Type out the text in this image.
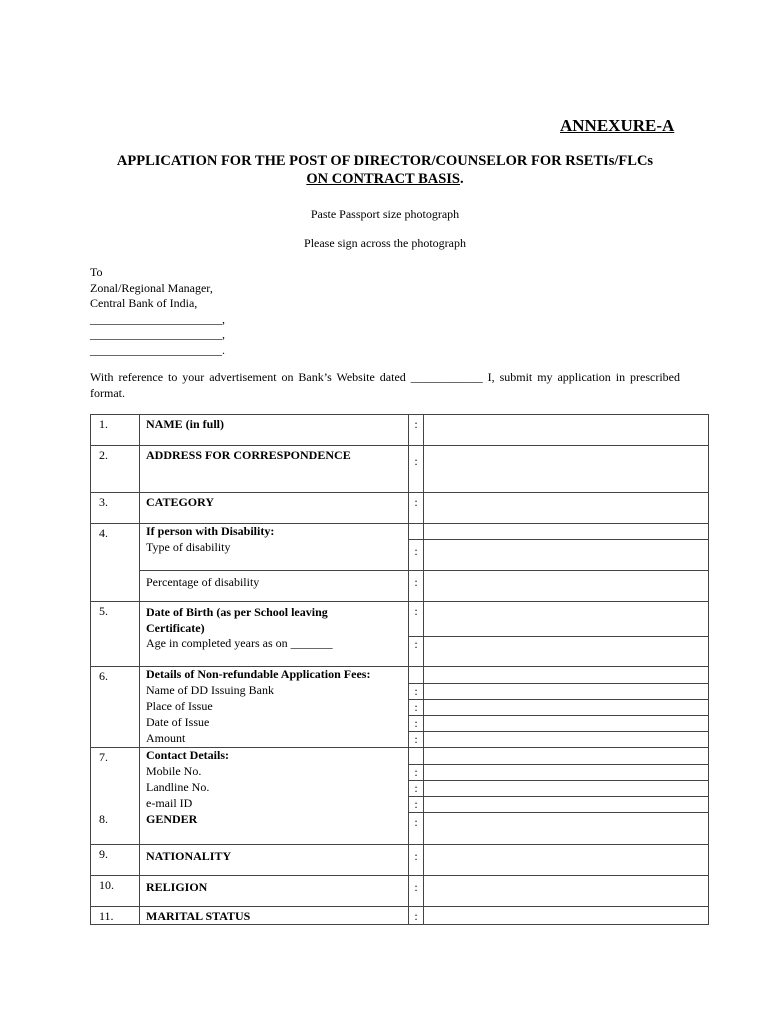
ANNEXURE-A
APPLICATION FOR THE POST OF DIRECTOR/COUNSELOR FOR RSETIs/FLCs
ON CONTRACT BASIS.
Paste Passport size photograph
Please sign across the photograph
To
Zonal/Regional Manager,
Central Bank of India,
______________________,
______________________,
______________________.
With reference to your advertisement on Bank’s Website dated ____________ I, submit my application in prescribed format.
1.	NAME (in full)	:	
2.	ADDRESS FOR CORRESPONDENCE	:	
3.	CATEGORY	:	
4.	If person with Disability:		
	Type of disability	:	
	Percentage of disability	:	
5.	Date of Birth (as per School leaving
Certificate)	:	
	Age in completed years as on _______	:	
6.	Details of Non-refundable Application Fees:		
	Name of DD Issuing Bank	:	
	Place of Issue	:	
	Date of Issue	:	
	Amount	:	
7.	Contact Details:		
	Mobile No.	:	
	Landline No.	:	
	e-mail ID	:	
8.	GENDER	:	
9.	NATIONALITY	:	
10.	RELIGION	:	
11.	MARITAL STATUS	:	
